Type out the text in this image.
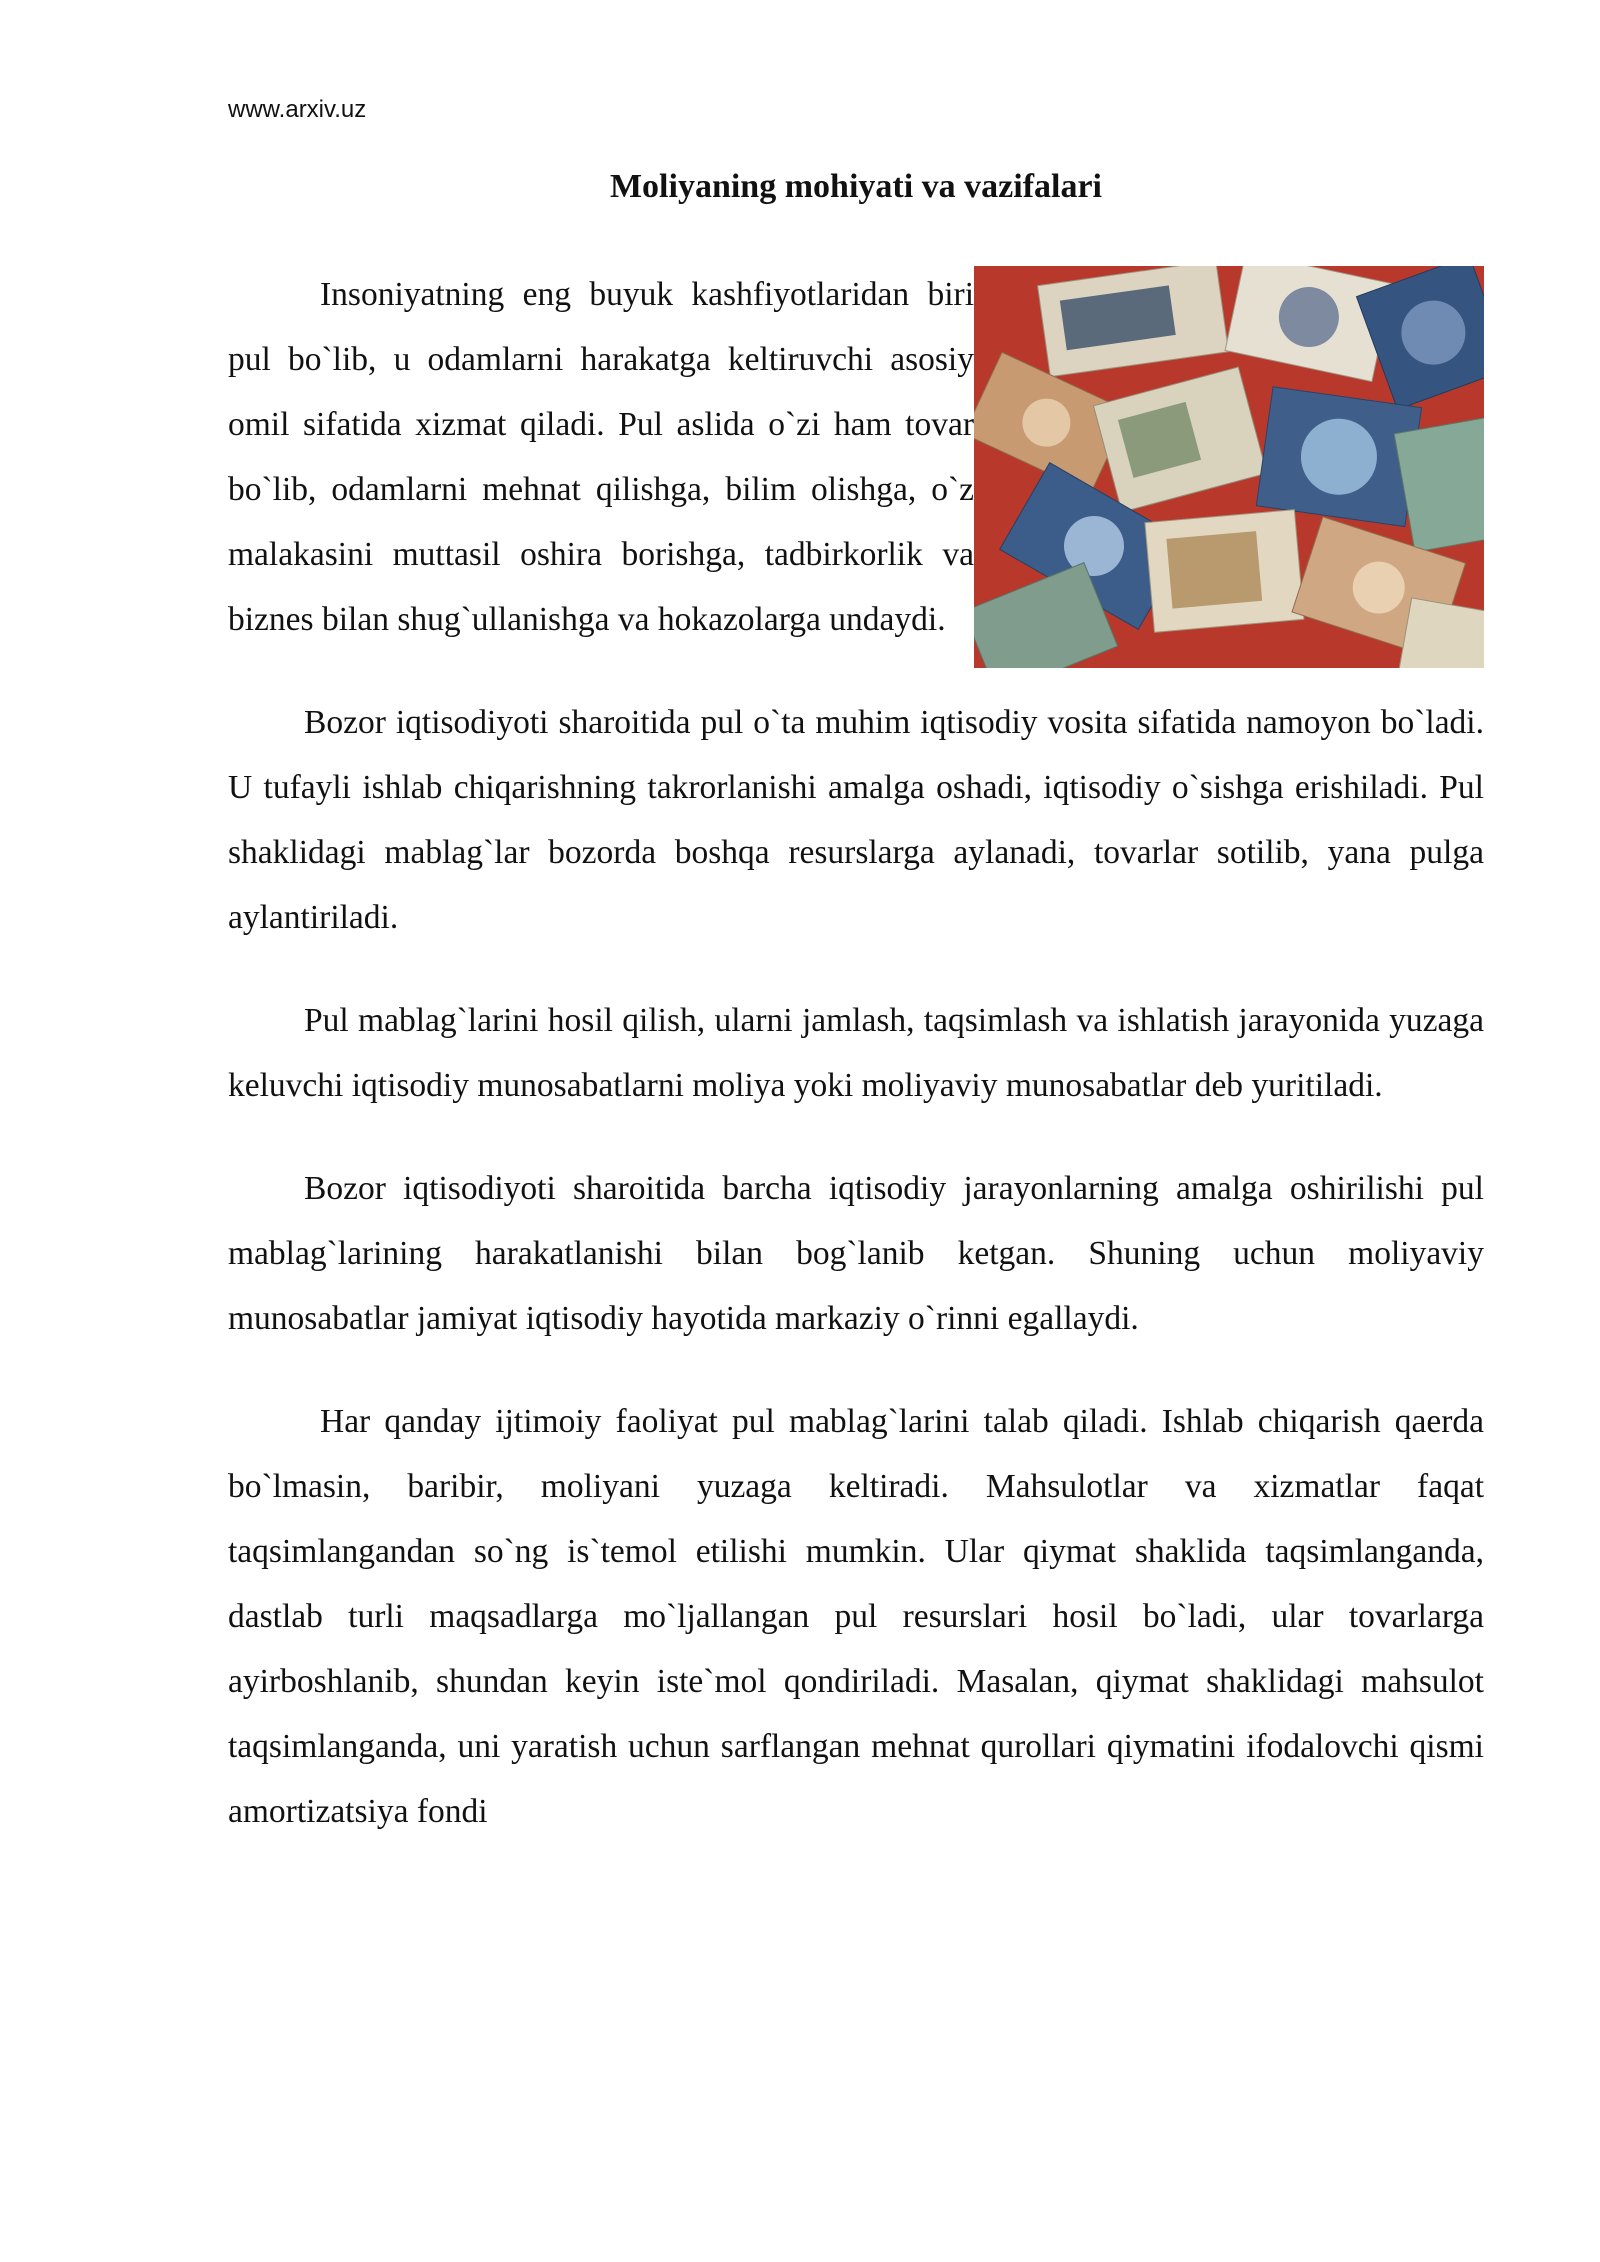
www.arxiv.uz
Moliyaning mohiyati va vazifalari

Insoniyatning eng buyuk kashfiyotlaridan biri pul bo`lib, u odamlarni harakatga keltiruvchi asosiy omil sifatida xizmat qiladi. Pul aslida o`zi ham tovar bo`lib, odamlarni mehnat qilishga, bilim olishga, o`z malakasini muttasil oshira borishga, tadbirkorlik va biznes bilan shug`ullanishga va hokazolarga undaydi.

Bozor iqtisodiyoti sharoitida pul o`ta muhim iqtisodiy vosita sifatida namoyon bo`ladi. U tufayli ishlab chiqarishning takrorlanishi amalga oshadi, iqtisodiy o`sishga erishiladi. Pul shaklidagi mablag`lar bozorda boshqa resurslarga aylanadi, tovarlar sotilib, yana pulga aylantiriladi.

Pul mablag`larini hosil qilish, ularni jamlash, taqsimlash va ishlatish jarayonida yuzaga keluvchi iqtisodiy munosabatlarni moliya yoki moliyaviy munosabatlar deb yuritiladi.

Bozor iqtisodiyoti sharoitida barcha iqtisodiy jarayonlarning amalga oshirilishi pul mablag`larining harakatlanishi bilan bog`lanib ketgan. Shuning uchun moliyaviy munosabatlar jamiyat iqtisodiy hayotida markaziy o`rinni egallaydi.

Har qanday ijtimoiy faoliyat pul mablag`larini talab qiladi. Ishlab chiqarish qaerda bo`lmasin, baribir, moliyani yuzaga keltiradi. Mahsulotlar va xizmatlar faqat taqsimlangandan so`ng is`temol etilishi mumkin. Ular qiymat shaklida taqsimlanganda, dastlab turli maqsadlarga mo`ljallangan pul resurslari hosil bo`ladi, ular tovarlarga ayirboshlanib, shundan keyin iste`mol qondiriladi. Masalan, qiymat shaklidagi mahsulot taqsimlanganda, uni yaratish uchun sarflangan mehnat qurollari qiymatini ifodalovchi qismi amortizatsiya fondi
